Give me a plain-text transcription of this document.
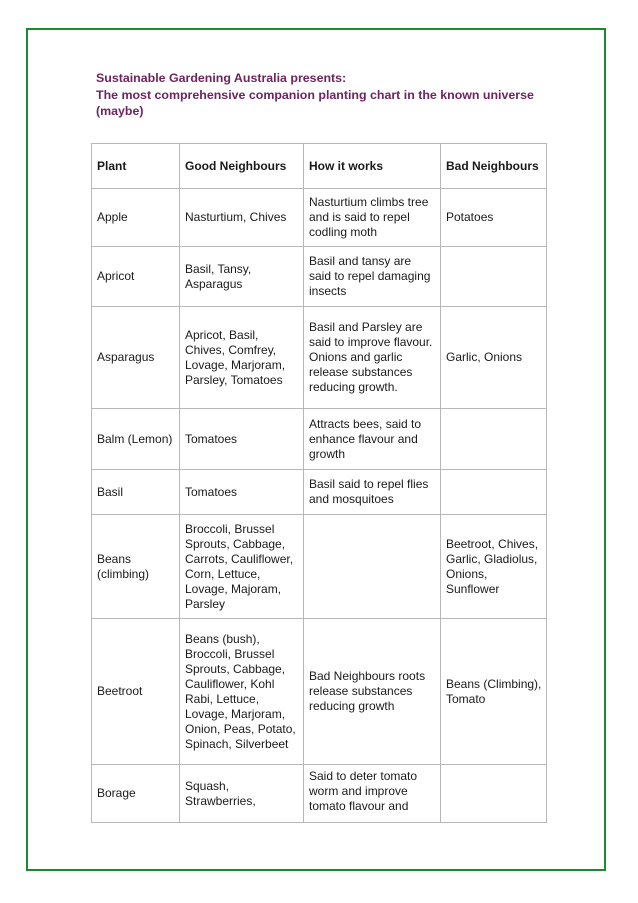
Sustainable Gardening Australia presents:
The most comprehensive companion planting chart in the known universe (maybe)
Plant	Good Neighbours	How it works	Bad Neighbours
Apple	Nasturtium, Chives	Nasturtium climbs tree and is said to repel codling moth	Potatoes
Apricot	Basil, Tansy, Asparagus	Basil and tansy are said to repel damaging insects	
Asparagus	Apricot, Basil, Chives, Comfrey, Lovage, Marjoram, Parsley, Tomatoes	Basil and Parsley are said to improve flavour. Onions and garlic release substances reducing growth.	Garlic, Onions
Balm (Lemon)	Tomatoes	Attracts bees, said to enhance flavour and growth	
Basil	Tomatoes	Basil said to repel flies and mosquitoes	
Beans (climbing)	Broccoli, Brussel Sprouts, Cabbage, Carrots, Cauliflower, Corn, Lettuce, Lovage, Majoram, Parsley		Beetroot, Chives, Garlic, Gladiolus, Onions, Sunflower
Beetroot	Beans (bush), Broccoli, Brussel Sprouts, Cabbage, Cauliflower, Kohl Rabi, Lettuce, Lovage, Marjoram, Onion, Peas, Potato, Spinach, Silverbeet	Bad Neighbours roots release substances reducing growth	Beans (Climbing), Tomato
Borage	Squash, Strawberries,	Said to deter tomato worm and improve tomato flavour and	
